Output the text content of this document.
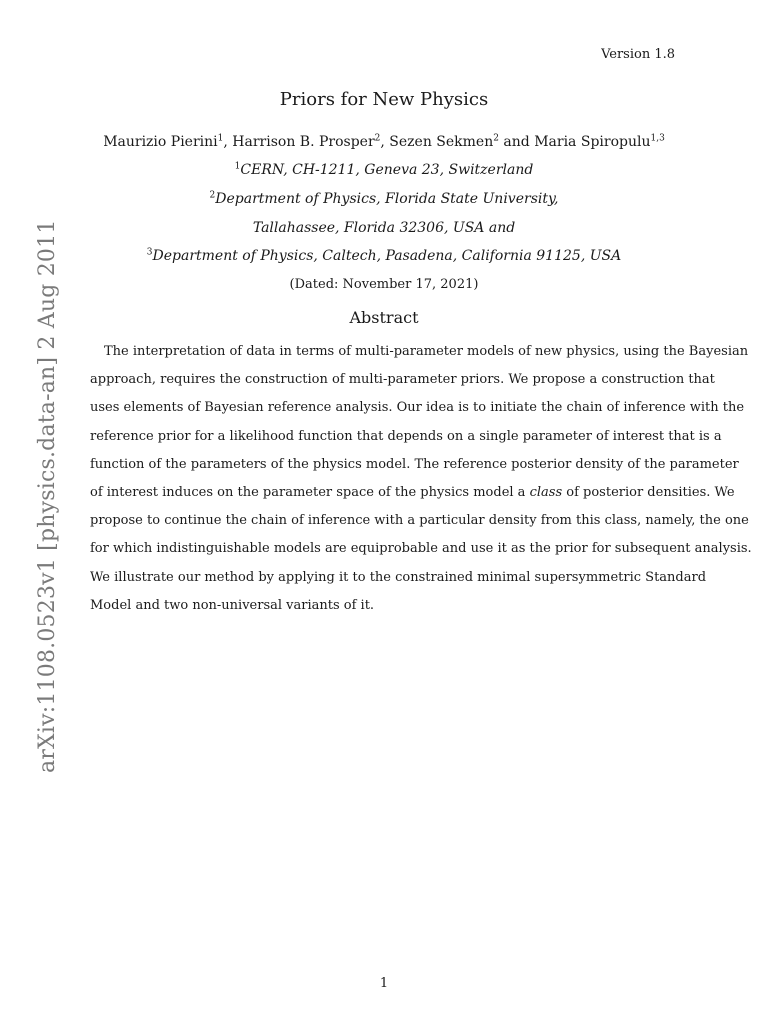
Version 1.8
Priors for New Physics
Maurizio Pierini$^1$, Harrison B. Prosper$^2$, Sezen Sekmen$^2$ and Maria Spiropulu$^{1,3}$
$^1$CERN, CH-1211, Geneva 23, Switzerland
$^2$Department of Physics, Florida State University,
Tallahassee, Florida 32306, USA and
$^3$Department of Physics, Caltech, Pasadena, California 91125, USA
(Dated: November 17, 2021)
Abstract
The interpretation of data in terms of multi-parameter models of new physics, using the Bayesian
approach, requires the construction of multi-parameter priors. We propose a construction that
uses elements of Bayesian reference analysis. Our idea is to initiate the chain of inference with the
reference prior for a likelihood function that depends on a single parameter of interest that is a
function of the parameters of the physics model. The reference posterior density of the parameter
of interest induces on the parameter space of the physics model a class of posterior densities. We
propose to continue the chain of inference with a particular density from this class, namely, the one
for which indistinguishable models are equiprobable and use it as the prior for subsequent analysis.
We illustrate our method by applying it to the constrained minimal supersymmetric Standard
Model and two non-universal variants of it.
arXiv:1108.0523v1 [physics.data-an] 2 Aug 2011
1
